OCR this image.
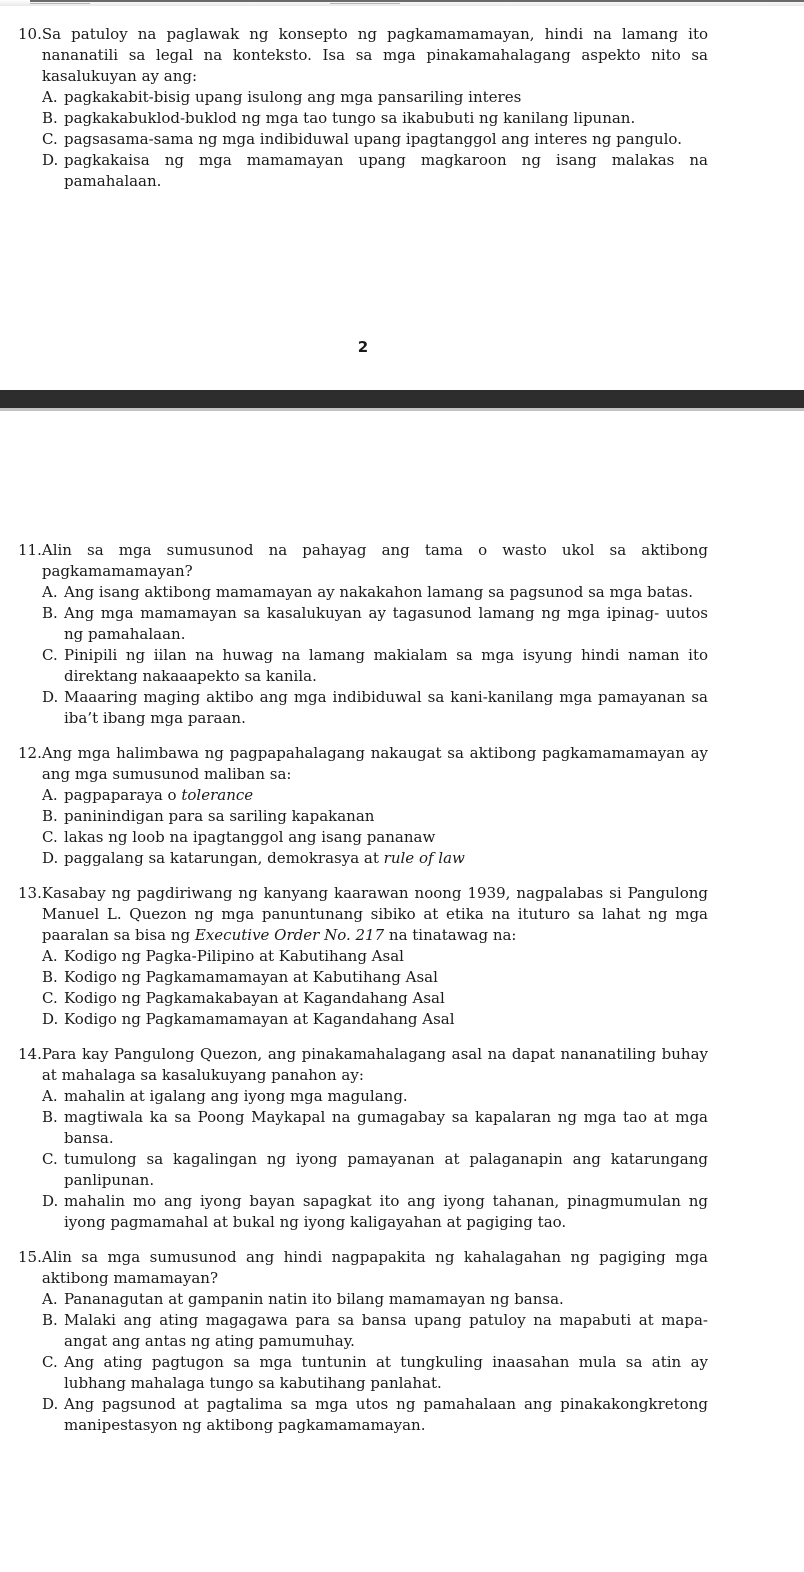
10. Sa patuloy na paglawak ng konsepto ng pagkamamamayan, hindi na lamang ito nananatili sa legal na konteksto. Isa sa mga pinakamahalagang aspekto nito sa kasalukuyan ay ang:
A. pagkakabit-bisig upang isulong ang mga pansariling interes
B. pagkakabuklod-buklod ng mga tao tungo sa ikabubuti ng kanilang lipunan.
C. pagsasama-sama ng mga indibiduwal upang ipagtanggol ang interes ng pangulo.
D. pagkakaisa ng mga mamamayan upang magkaroon ng isang malakas na pamahalaan.
2
11. Alin sa mga sumusunod na pahayag ang tama o wasto ukol sa aktibong pagkamamamayan?
A. Ang isang aktibong mamamayan ay nakakahon lamang sa pagsunod sa mga batas.
B. Ang mga mamamayan sa kasalukuyan ay tagasunod lamang ng mga ipinag- uutos ng pamahalaan.
C. Pinipili ng iilan na huwag na lamang makialam sa mga isyung hindi naman ito direktang nakaaapekto sa kanila.
D. Maaaring maging aktibo ang mga indibiduwal sa kani-kanilang mga pamayanan sa iba’t ibang mga paraan.
12. Ang mga halimbawa ng pagpapahalagang nakaugat sa aktibong pagkamamamayan ay ang mga sumusunod maliban sa:
A. pagpaparaya o tolerance
B. paninindigan para sa sariling kapakanan
C. lakas ng loob na ipagtanggol ang isang pananaw
D. paggalang sa katarungan, demokrasya at rule of law
13. Kasabay ng pagdiriwang ng kanyang kaarawan noong 1939, nagpalabas si Pangulong Manuel L. Quezon ng mga panuntunang sibiko at etika na ituturo sa lahat ng mga paaralan sa bisa ng Executive Order No. 217 na tinatawag na:
A. Kodigo ng Pagka-Pilipino at Kabutihang Asal
B. Kodigo ng Pagkamamamayan at Kabutihang Asal
C. Kodigo ng Pagkamakabayan at Kagandahang Asal
D. Kodigo ng Pagkamamamayan at Kagandahang Asal
14. Para kay Pangulong Quezon, ang pinakamahalagang asal na dapat nananatiling buhay at mahalaga sa kasalukuyang panahon ay:
A. mahalin at igalang ang iyong mga magulang.
B. magtiwala ka sa Poong Maykapal na gumagabay sa kapalaran ng mga tao at mga bansa.
C. tumulong sa kagalingan ng iyong pamayanan at palaganapin ang katarungang panlipunan.
D. mahalin mo ang iyong bayan sapagkat ito ang iyong tahanan, pinagmumulan ng iyong pagmamahal at bukal ng iyong kaligayahan at pagiging tao.
15. Alin sa mga sumusunod ang hindi nagpapakita ng kahalagahan ng pagiging mga aktibong mamamayan?
A. Pananagutan at gampanin natin ito bilang mamamayan ng bansa.
B. Malaki ang ating magagawa para sa bansa upang patuloy na mapabuti at mapa-angat ang antas ng ating pamumuhay.
C. Ang ating pagtugon sa mga tuntunin at tungkuling inaasahan mula sa atin ay lubhang mahalaga tungo sa kabutihang panlahat.
D. Ang pagsunod at pagtalima sa mga utos ng pamahalaan ang pinakakongkretong manipestasyon ng aktibong pagkamamamayan.
